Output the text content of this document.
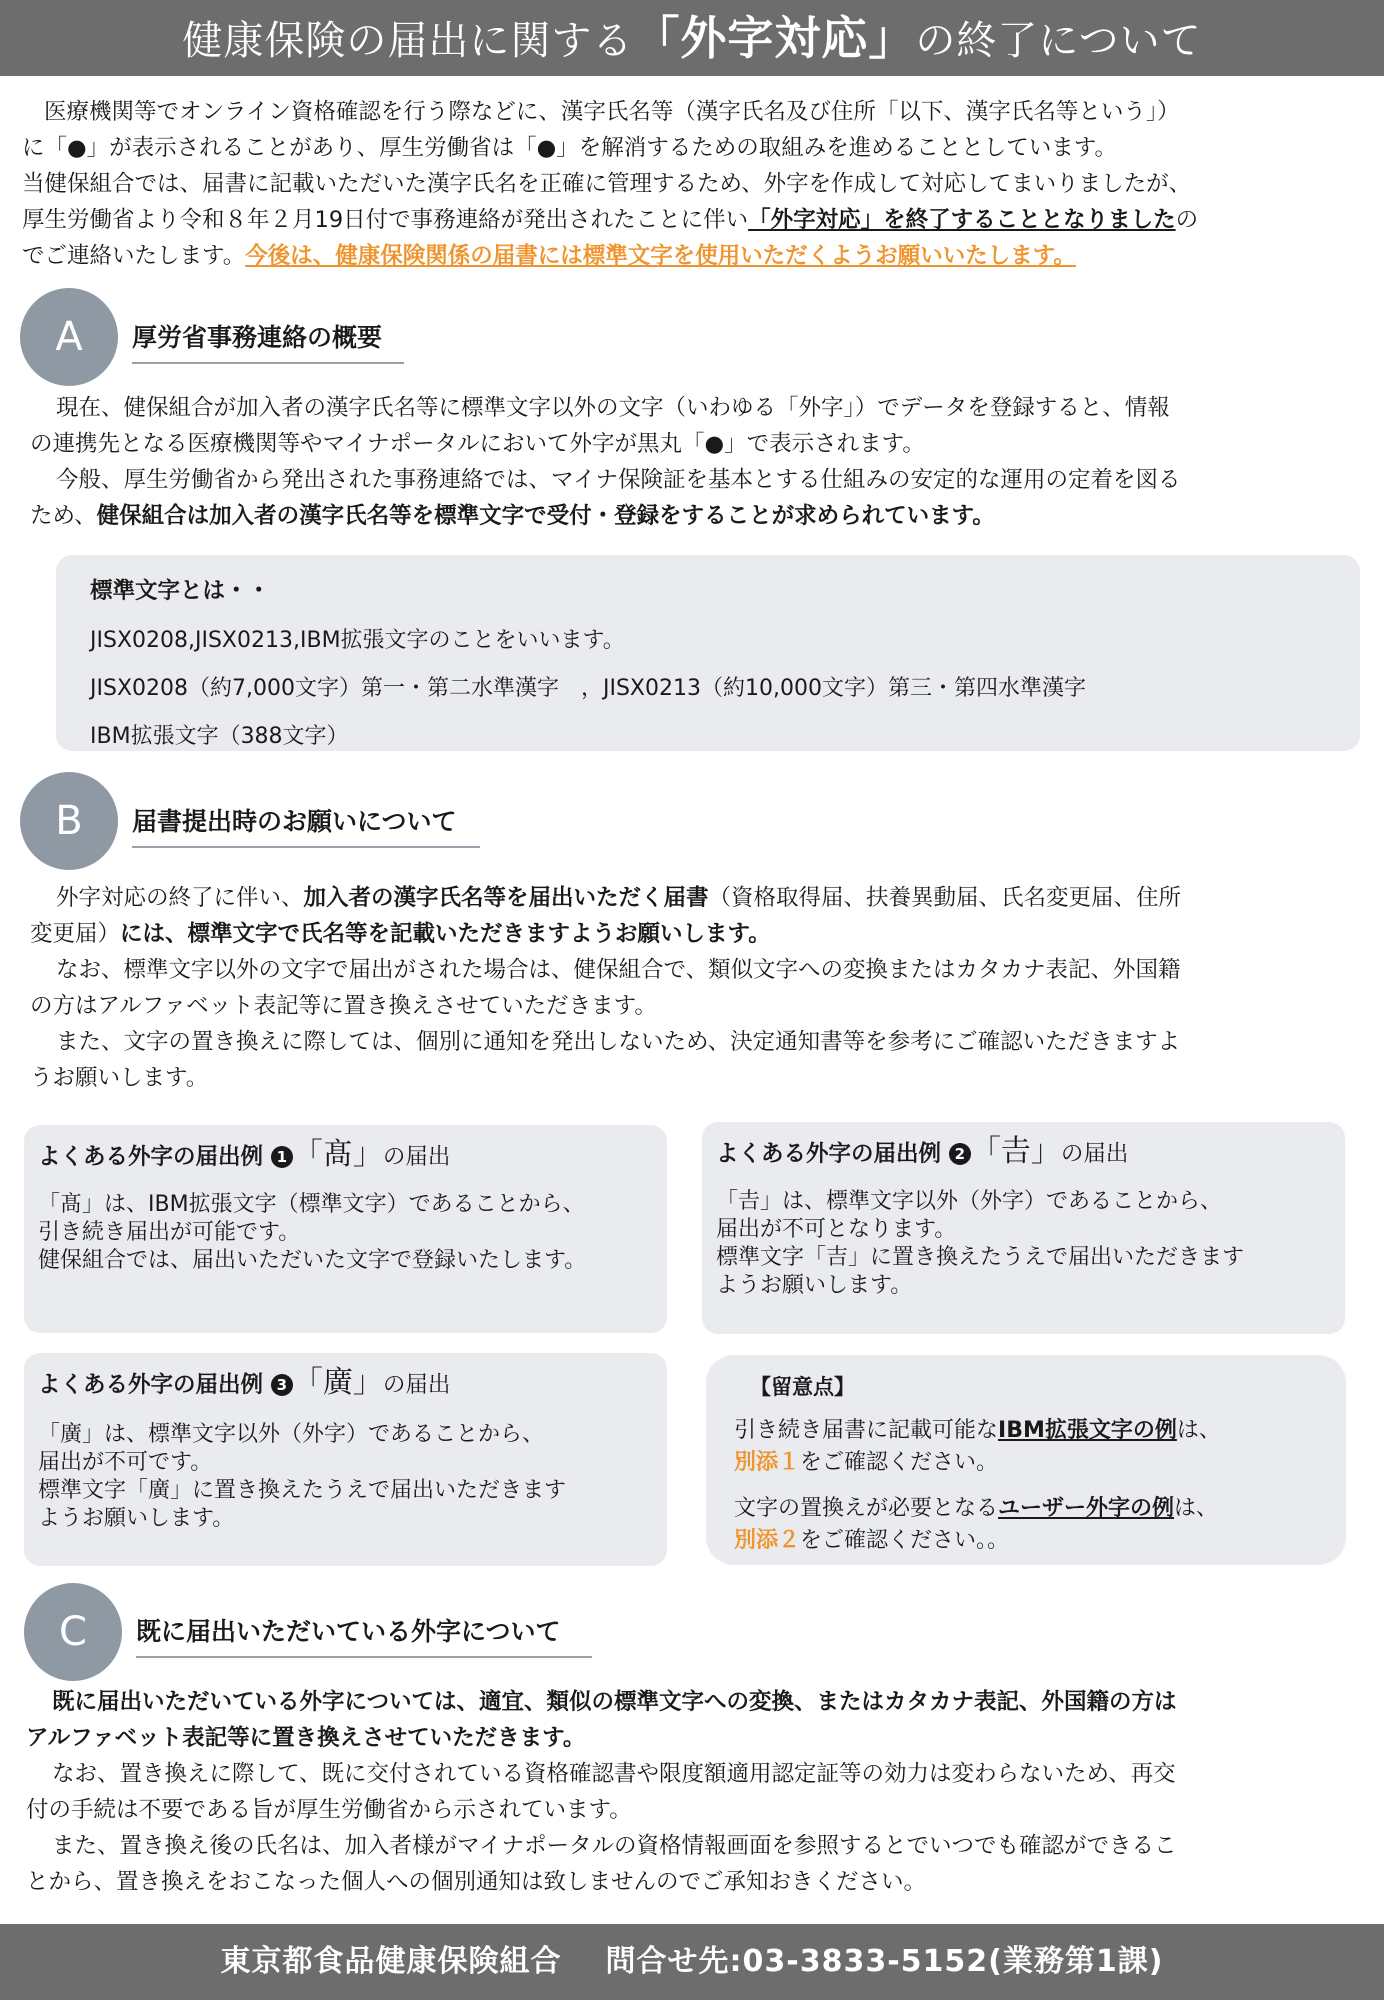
健康保険の届出に関する「外字対応」の終了について
医療機関等でオンライン資格確認を行う際などに、漢字氏名等（漢字氏名及び住所「以下、漢字氏名等という」）
に「●」が表示されることがあり、厚生労働省は「●」を解消するための取組みを進めることとしています。
当健保組合では、届書に記載いただいた漢字氏名を正確に管理するため、外字を作成して対応してまいりましたが、
厚生労働省より令和８年２月19日付で事務連絡が発出されたことに伴い「外字対応」を終了することとなりましたの
でご連絡いたします。今後は、健康保険関係の届書には標準文字を使用いただくようお願いいたします。
A	厚労省事務連絡の概要
現在、健保組合が加入者の漢字氏名等に標準文字以外の文字（いわゆる「外字」）でデータを登録すると、情報
の連携先となる医療機関等やマイナポータルにおいて外字が黒丸「●」で表示されます。
今般、厚生労働省から発出された事務連絡では、マイナ保険証を基本とする仕組みの安定的な運用の定着を図る
ため、健保組合は加入者の漢字氏名等を標準文字で受付・登録をすることが求められています。
標準文字とは・・
JISX0208,JISX0213,IBM拡張文字のことをいいます。
JISX0208（約7,000文字）第一・第二水準漢字　，JISX0213（約10,000文字）第三・第四水準漢字
IBM拡張文字（388文字）
B	届書提出時のお願いについて
外字対応の終了に伴い、加入者の漢字氏名等を届出いただく届書（資格取得届、扶養異動届、氏名変更届、住所
変更届）には、標準文字で氏名等を記載いただきますようお願いします。
なお、標準文字以外の文字で届出がされた場合は、健保組合で、類似文字への変換またはカタカナ表記、外国籍
の方はアルファベット表記等に置き換えさせていただきます。
また、文字の置き換えに際しては、個別に通知を発出しないため、決定通知書等を参考にご確認いただきますよ
うお願いします。
よくある外字の届出例 1 「髙」の届出
「髙」は、IBM拡張文字（標準文字）であることから、
引き続き届出が可能です。
健保組合では、届出いただいた文字で登録いたします。
よくある外字の届出例 2 「𠮷」の届出
「𠮷」は、標準文字以外（外字）であることから、
届出が不可となります。
標準文字「吉」に置き換えたうえで届出いただきます
ようお願いします。
よくある外字の届出例 3 「廣」の届出
「廣」は、標準文字以外（外字）であることから、
届出が不可です。
標準文字「廣」に置き換えたうえで届出いただきます
ようお願いします。
【留意点】
引き続き届書に記載可能なIBM拡張文字の例は、
別添１をご確認ください。
文字の置換えが必要となるユーザー外字の例は、
別添２をご確認ください。。
C	既に届出いただいている外字について
既に届出いただいている外字については、適宜、類似の標準文字への変換、またはカタカナ表記、外国籍の方は
アルファベット表記等に置き換えさせていただきます。
なお、置き換えに際して、既に交付されている資格確認書や限度額適用認定証等の効力は変わらないため、再交
付の手続は不要である旨が厚生労働省から示されています。
また、置き換え後の氏名は、加入者様がマイナポータルの資格情報画面を参照するとでいつでも確認ができるこ
とから、置き換えをおこなった個人への個別通知は致しませんのでご承知おきください。
東京都食品健康保険組合 問合せ先:03‐3833‐5152(業務第1課)
